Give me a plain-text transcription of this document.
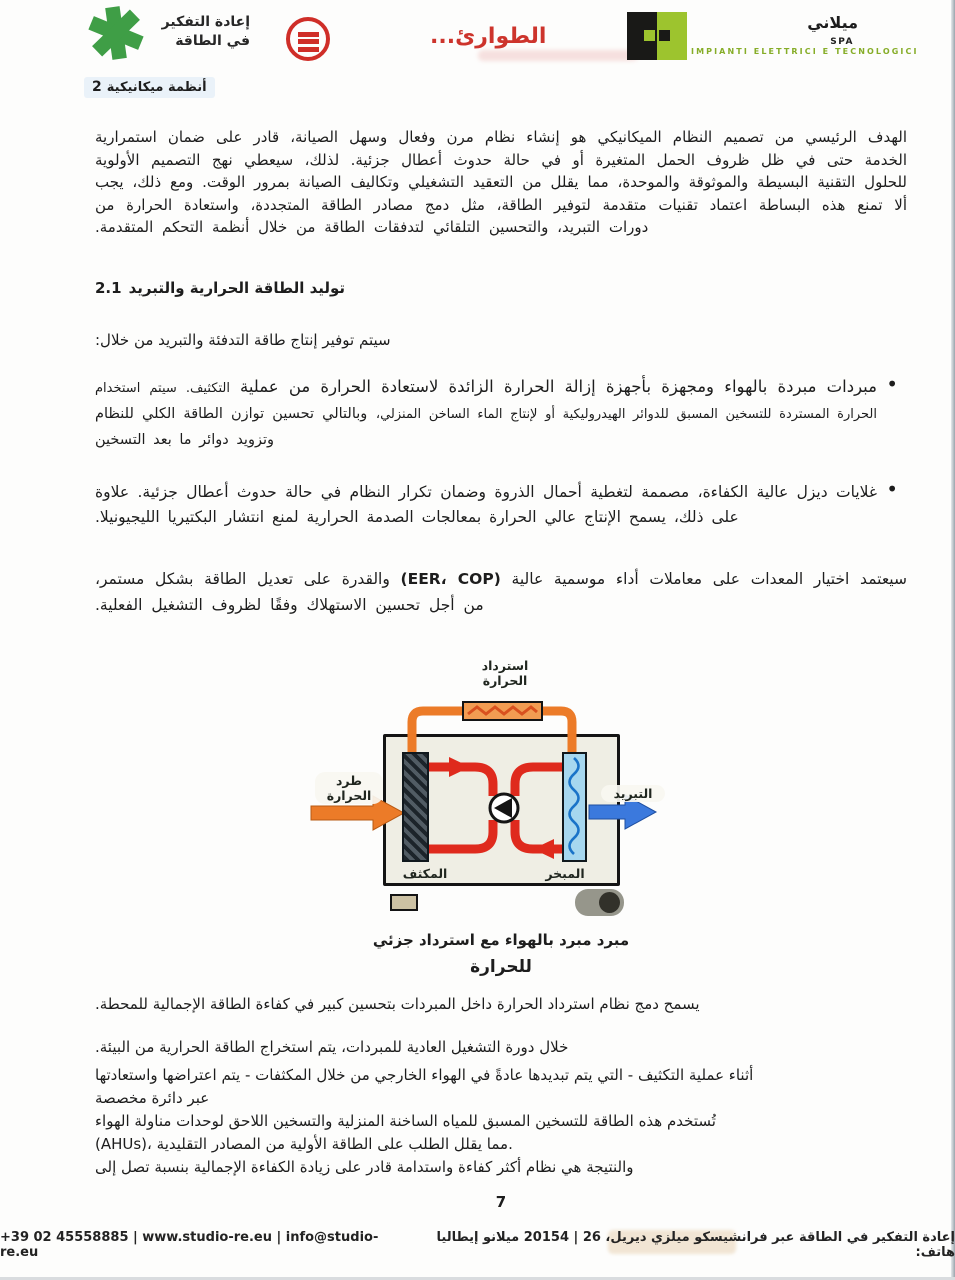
إعادة التفكير
في الطاقة	الطوارئ...
IMPIANTI ELETTRICI E TECNOLOGICI
ميلاني
SPA
2 أنظمة ميكانيكية

الهدف الرئيسي من تصميم النظام الميكانيكي هو إنشاء نظام مرن وفعال وسهل الصيانة، قادر على ضمان استمرارية الخدمة حتى في ظل ظروف الحمل المتغيرة أو في حالة حدوث أعطال جزئية. لذلك، سيعطي نهج التصميم الأولوية للحلول التقنية البسيطة والموثوقة والموحدة، مما يقلل من التعقيد التشغيلي وتكاليف الصيانة بمرور الوقت. ومع ذلك، يجب ألا تمنع هذه البساطة اعتماد تقنيات متقدمة لتوفير الطاقة، مثل دمج مصادر الطاقة المتجددة، واستعادة الحرارة من دورات التبريد، والتحسين التلقائي لتدفقات الطاقة من خلال أنظمة التحكم المتقدمة.

2.1 توليد الطاقة الحرارية والتبريد

سيتم توفير إنتاج طاقة التدفئة والتبريد من خلال:

• مبردات مبردة بالهواء ومجهزة بأجهزة إزالة الحرارة الزائدة لاستعادة الحرارة من عملية التكثيف. سيتم استخدام الحرارة المستردة للتسخين المسبق للدوائر الهيدروليكية أو لإنتاج الماء الساخن المنزلي، وبالتالي تحسين توازن الطاقة الكلي للنظام وتزويد دوائر ما بعد التسخين
• غلايات ديزل عالية الكفاءة، مصممة لتغطية أحمال الذروة وضمان تكرار النظام في حالة حدوث أعطال جزئية. علاوة على ذلك، يسمح الإنتاج عالي الحرارة بمعالجات الصدمة الحرارية لمنع انتشار البكتيريا الليجيونيلا.

سيعتمد اختيار المعدات على معاملات أداء موسمية عالية (EER، COP) والقدرة على تعديل الطاقة بشكل مستمر، من أجل تحسين الاستهلاك وفقًا لظروف التشغيل الفعلية.

استرداد
الحرارة
طرد
الحرارة	التبريد
المكثف	المبخر
مبرد مبرد بالهواء مع استرداد جزئي
للحرارة

يسمح دمج نظام استرداد الحرارة داخل المبردات بتحسين كبير في كفاءة الطاقة الإجمالية للمحطة.

خلال دورة التشغيل العادية للمبردات، يتم استخراج الطاقة الحرارية من البيئة.

أثناء عملية التكثيف - التي يتم تبديدها عادةً في الهواء الخارجي من خلال المكثفات - يتم اعتراضها واستعادتها

عبر دائرة مخصصة

تُستخدم هذه الطاقة للتسخين المسبق للمياه الساخنة المنزلية والتسخين اللاحق لوحدات مناولة الهواء

(AHUs)، مما يقلل الطلب على الطاقة الأولية من المصادر التقليدية.

والنتيجة هي نظام أكثر كفاءة واستدامة قادر على زيادة الكفاءة الإجمالية بنسبة تصل إلى

7
إعادة التفكير في الطاقة عبر فرانشيسكو ميلزي ديريل، 26 | 20154 ميلانو إيطاليا هاتف:
+39 02 45558885 | www.studio-re.eu | info@studio-re.eu
